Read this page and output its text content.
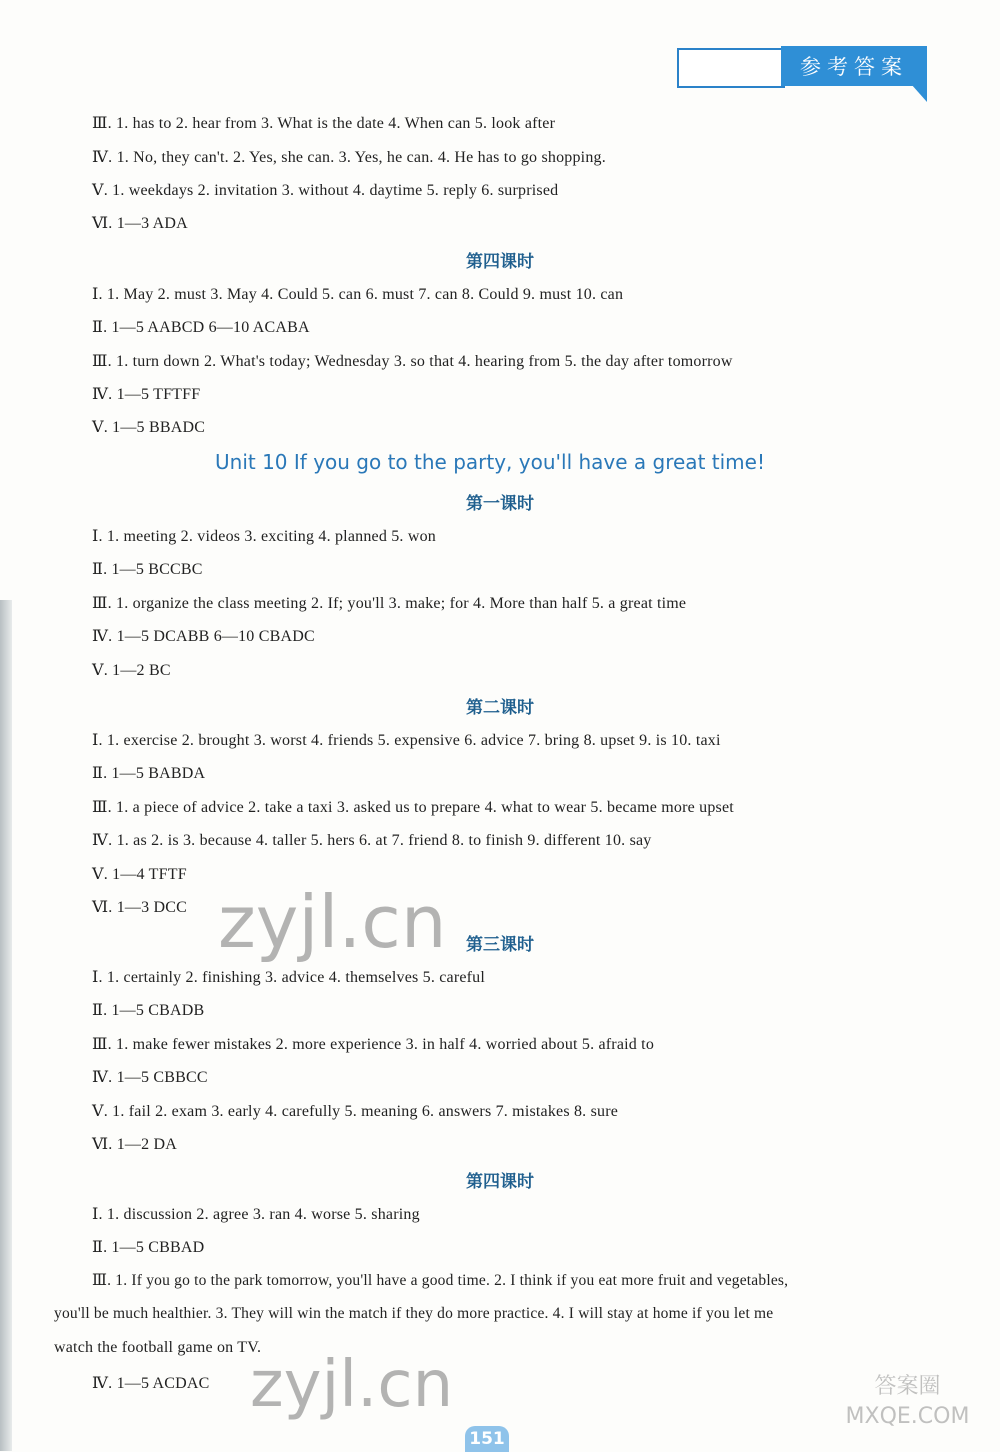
参考答案
Ⅲ. 1. has to 2. hear from 3. What is the date 4. When can 5. look after
Ⅳ. 1. No, they can't. 2. Yes, she can. 3. Yes, he can. 4. He has to go shopping.
Ⅴ. 1. weekdays 2. invitation 3. without 4. daytime 5. reply 6. surprised
Ⅵ. 1—3 ADA
第四课时
Ⅰ. 1. May 2. must 3. May 4. Could 5. can 6. must 7. can 8. Could 9. must 10. can
Ⅱ. 1—5 AABCD 6—10 ACABA
Ⅲ. 1. turn down 2. What's today; Wednesday 3. so that 4. hearing from 5. the day after tomorrow
Ⅳ. 1—5 TFTFF
Ⅴ. 1—5 BBADC
Unit 10 If you go to the party, you'll have a great time!
第一课时
Ⅰ. 1. meeting 2. videos 3. exciting 4. planned 5. won
Ⅱ. 1—5 BCCBC
Ⅲ. 1. organize the class meeting 2. If; you'll 3. make; for 4. More than half 5. a great time
Ⅳ. 1—5 DCABB 6—10 CBADC
Ⅴ. 1—2 BC
第二课时
Ⅰ. 1. exercise 2. brought 3. worst 4. friends 5. expensive 6. advice 7. bring 8. upset 9. is 10. taxi
Ⅱ. 1—5 BABDA
Ⅲ. 1. a piece of advice 2. take a taxi 3. asked us to prepare 4. what to wear 5. became more upset
Ⅳ. 1. as 2. is 3. because 4. taller 5. hers 6. at 7. friend 8. to finish 9. different 10. say
Ⅴ. 1—4 TFTF
Ⅵ. 1—3 DCC
第三课时
Ⅰ. 1. certainly 2. finishing 3. advice 4. themselves 5. careful
Ⅱ. 1—5 CBADB
Ⅲ. 1. make fewer mistakes 2. more experience 3. in half 4. worried about 5. afraid to
Ⅳ. 1—5 CBBCC
Ⅴ. 1. fail 2. exam 3. early 4. carefully 5. meaning 6. answers 7. mistakes 8. sure
Ⅵ. 1—2 DA
第四课时
Ⅰ. 1. discussion 2. agree 3. ran 4. worse 5. sharing
Ⅱ. 1—5 CBBAD
Ⅲ. 1. If you go to the park tomorrow, you'll have a good time. 2. I think if you eat more fruit and vegetables,
you'll be much healthier. 3. They will win the match if they do more practice. 4. I will stay at home if you let me
watch the football game on TV.
Ⅳ. 1—5 ACDAC
zyjl.cn
zyjl.cn	答案圈 MXQE.COM
151
